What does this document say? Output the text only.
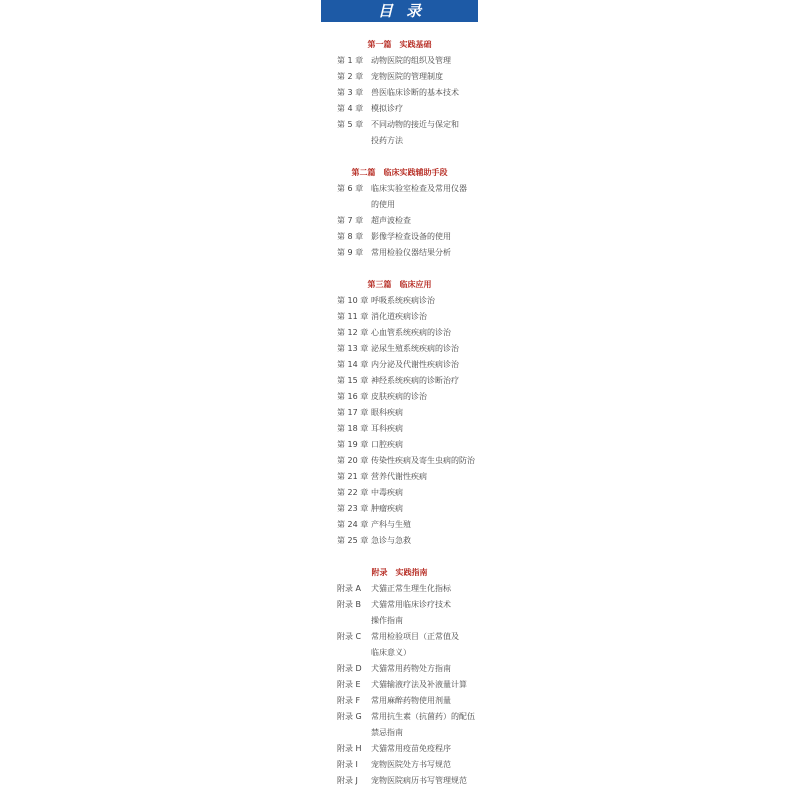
目 录
第一篇　实践基础
第 1 章 动物医院的组织及管理
第 2 章 宠物医院的管理制度
第 3 章 兽医临床诊断的基本技术
第 4 章 模拟诊疗
第 5 章 不同动物的接近与保定和
投药方法
第二篇　临床实践辅助手段
第 6 章 临床实验室检查及常用仪器
的使用
第 7 章 超声波检查
第 8 章 影像学检查设备的使用
第 9 章 常用检验仪器结果分析
第三篇　临床应用
第 10 章 呼吸系统疾病诊治
第 11 章 消化道疾病诊治
第 12 章 心血管系统疾病的诊治
第 13 章 泌尿生殖系统疾病的诊治
第 14 章 内分泌及代谢性疾病诊治
第 15 章 神经系统疾病的诊断治疗
第 16 章 皮肤疾病的诊治
第 17 章 眼科疾病
第 18 章 耳科疾病
第 19 章 口腔疾病
第 20 章 传染性疾病及寄生虫病的防治
第 21 章 营养代谢性疾病
第 22 章 中毒疾病
第 23 章 肿瘤疾病
第 24 章 产科与生殖
第 25 章 急诊与急救
附录　实践指南
附录 A	犬猫正常生理生化指标
附录 B	犬猫常用临床诊疗技术
操作指南
附录 C	常用检验项目（正常值及
临床意义）
附录 D	犬猫常用药物处方指南
附录 E	犬猫输液疗法及补液量计算
附录 F	常用麻醉药物使用剂量
附录 G	常用抗生素（抗菌药）的配伍
禁忌指南
附录 H	犬猫常用疫苗免疫程序
附录 I	宠物医院处方书写规范
附录 J	宠物医院病历书写管理规范
